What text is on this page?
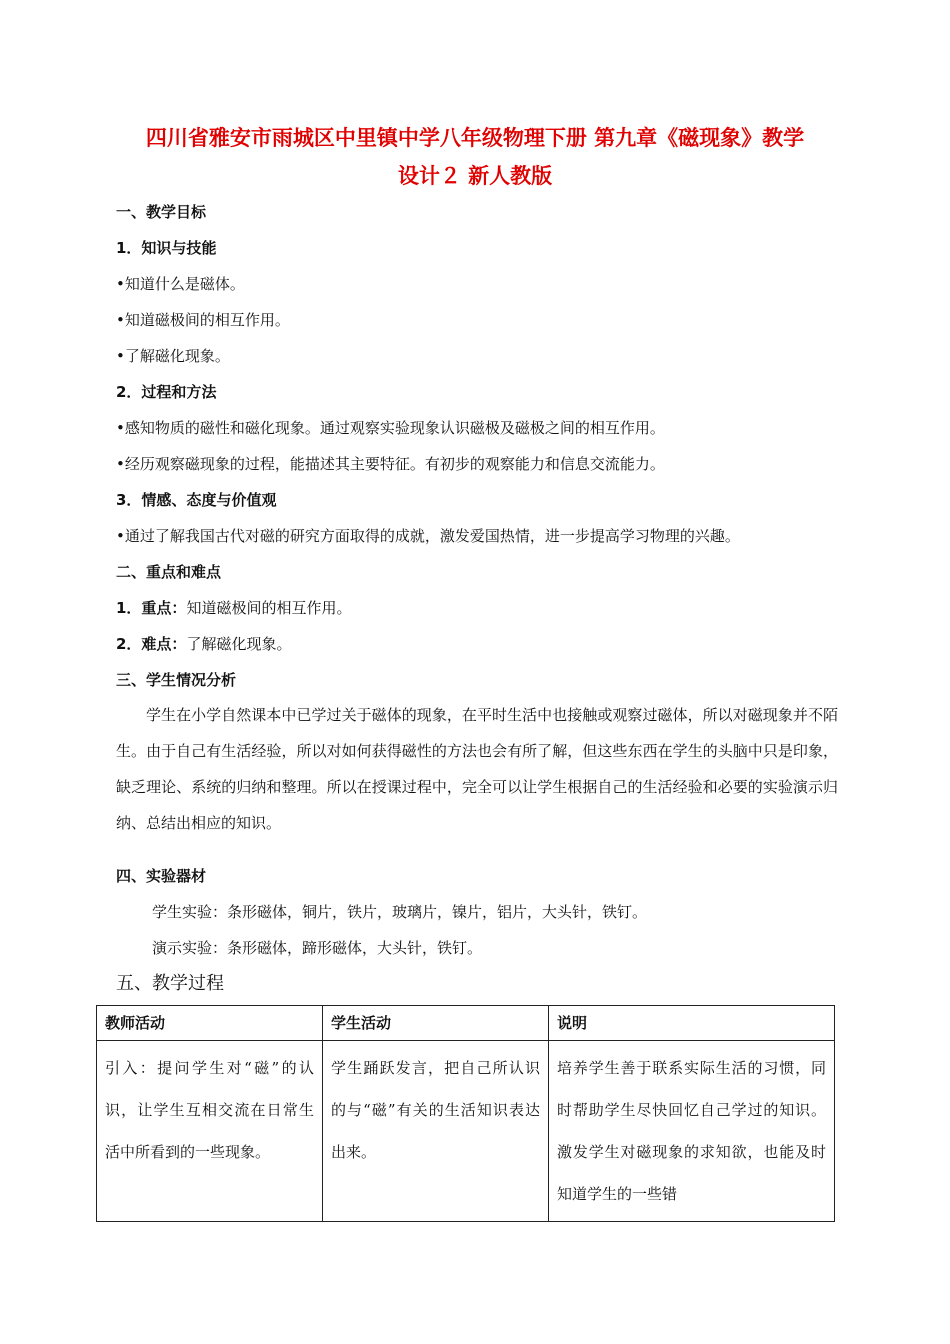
四川省雅安市雨城区中里镇中学八年级物理下册 第九章《磁现象》教学
设计２ 新人教版
一、教学目标
1．知识与技能
•知道什么是磁体。
•知道磁极间的相互作用。
•了解磁化现象。
2．过程和方法
•感知物质的磁性和磁化现象。通过观察实验现象认识磁极及磁极之间的相互作用。
•经历观察磁现象的过程，能描述其主要特征。有初步的观察能力和信息交流能力。
3．情感、态度与价值观
•通过了解我国古代对磁的研究方面取得的成就，激发爱国热情，进一步提高学习物理的兴趣。
二、重点和难点
1．重点：知道磁极间的相互作用。
2．难点：了解磁化现象。
三、学生情况分析
学生在小学自然课本中已学过关于磁体的现象，在平时生活中也接触或观察过磁体，所以对磁现象并不陌生。由于自己有生活经验，所以对如何获得磁性的方法也会有所了解，但这些东西在学生的头脑中只是印象，缺乏理论、系统的归纳和整理。所以在授课过程中，完全可以让学生根据自己的生活经验和必要的实验演示归纳、总结出相应的知识。
四、实验器材
学生实验：条形磁体，铜片，铁片，玻璃片，镍片，铝片，大头针，铁钉。
演示实验：条形磁体，蹄形磁体，大头针，铁钉。
五、教学过程
教师活动	学生活动	说明
引入：提问学生对“磁”的认识，让学生互相交流在日常生活中所看到的一些现象。	学生踊跃发言，把自己所认识的与“磁”有关的生活知识表达出来。	培养学生善于联系实际生活的习惯，同时帮助学生尽快回忆自己学过的知识。激发学生对磁现象的求知欲，也能及时知道学生的一些错
